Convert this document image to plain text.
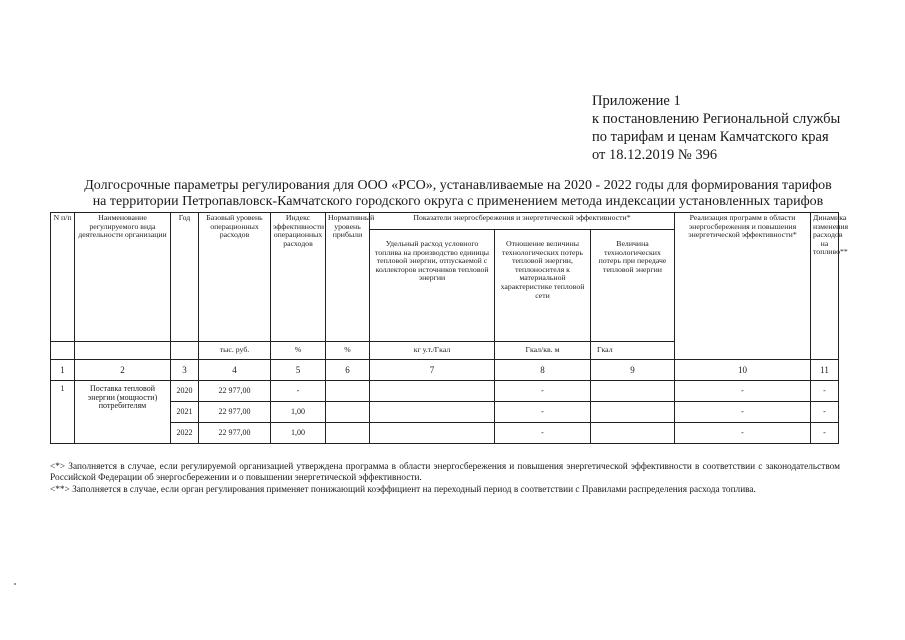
Приложение 1
к постановлению Региональной службы
по тарифам и ценам Камчатского края
от 18.12.2019 № 396
Долгосрочные параметры регулирования для ООО «РСО», устанавливаемые на 2020 - 2022 годы для формирования тарифов
на территории Петропавловск-Камчатского городского округа с применением метода индексации установленных тарифов
N п/п	Наименование регулируемого вида деятельности организации	Год	Базовый уровень операционных расходов	Индекс эффективности операционных расходов	Нормативный уровень прибыли	Показатели энергосбережения и энергетической эффективности*			Реализация программ в области энергосбережения и повышения энергетической эффективности*	Динамика изменения расходов на топливо**
						Удельный расход условного топлива на производство единицы тепловой энергии, отпускаемой с коллекторов источников тепловой энергии	Отношение величины технологических потерь тепловой энергии, теплоносителя к материальной характеристике тепловой сети	Величина технологических потерь при передаче тепловой энергии		
			тыс. руб.	%	%	кг у.т./Гкал	Гкал/кв. м	Гкал		
1	2	3	4	5	6	7	8	9	10	11
1	Поставка тепловой энергии (мощности) потребителям	2020	22 977,00	-			-		-	-
		2021	22 977,00	1,00			-		-	-
		2022	22 977,00	1,00			-		-	-

<*> Заполняется в случае, если регулируемой организацией утверждена программа в области энергосбережения и повышения энергетической эффективности в соответствии с законодательством Российской Федерации об энергосбережении и о повышении энергетической эффективности.

<**> Заполняется в случае, если орган регулирования применяет понижающий коэффициент на переходный период в соответствии с Правилами распределения расхода топлива.
